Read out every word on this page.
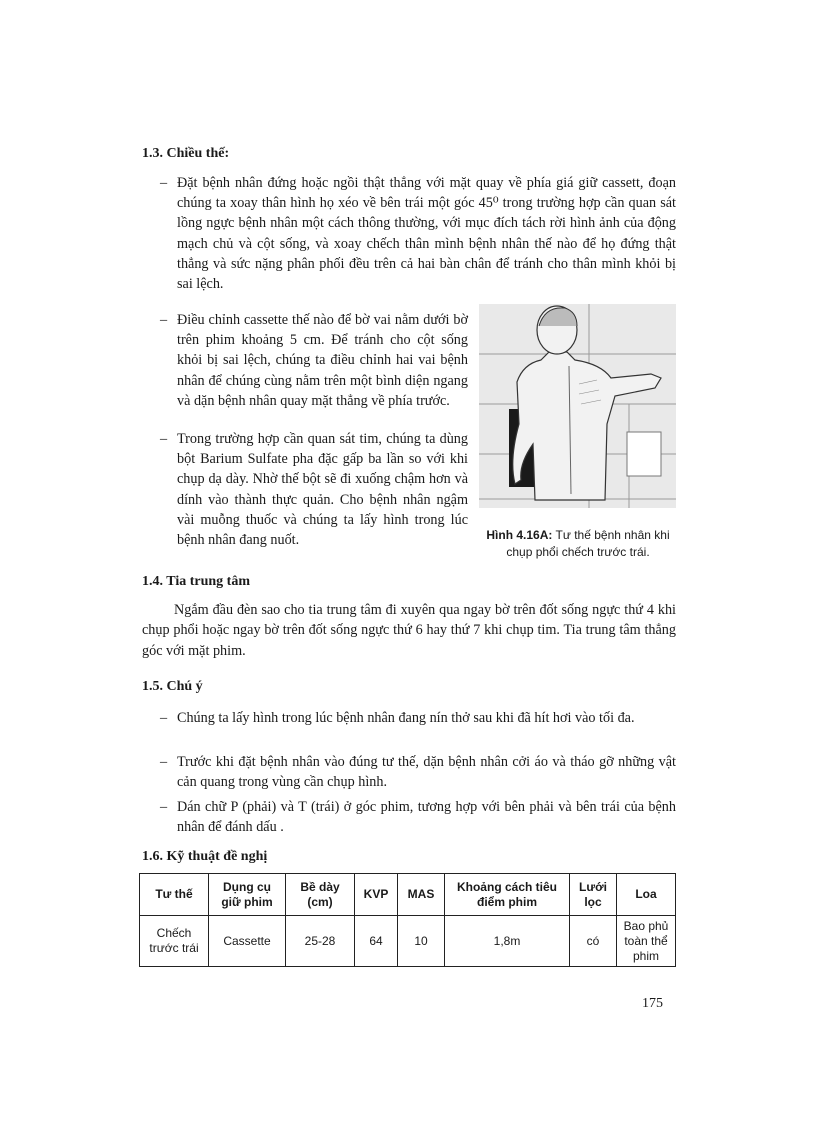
1.3. Chiều thế:
– Đặt bệnh nhân đứng hoặc ngồi thật thẳng với mặt quay về phía giá giữ cassett, đoạn chúng ta xoay thân hình họ xéo về bên trái một góc 45⁰ trong trường hợp cần quan sát lồng ngực bệnh nhân một cách thông thường, với mục đích tách rời hình ảnh của động mạch chủ và cột sống, và xoay chếch thân mình bệnh nhân thế nào để họ đứng thật thẳng và sức nặng phân phối đều trên cả hai bàn chân để tránh cho thân mình khỏi bị sai lệch.
– Điều chỉnh cassette thế nào để bờ vai nằm dưới bờ trên phim khoảng 5 cm. Để tránh cho cột sống khỏi bị sai lệch, chúng ta điều chỉnh hai vai bệnh nhân để chúng cùng nằm trên một bình diện ngang và dặn bệnh nhân quay mặt thẳng về phía trước.
– Trong trường hợp cần quan sát tim, chúng ta dùng bột Barium Sulfate pha đặc gấp ba lần so với khi chụp dạ dày. Nhờ thế bột sẽ đi xuống chậm hơn và dính vào thành thực quản. Cho bệnh nhân ngậm vài muỗng thuốc và chúng ta lấy hình trong lúc bệnh nhân đang nuốt.	Hình 4.16A: Tư thế bệnh nhân khi chụp phổi chếch trước trái.
1.4. Tia trung tâm
Ngắm đầu đèn sao cho tia trung tâm đi xuyên qua ngay bờ trên đốt sống ngực thứ 4 khi chụp phổi hoặc ngay bờ trên đốt sống ngực thứ 6 hay thứ 7 khi chụp tim. Tia trung tâm thẳng góc với mặt phim.
1.5. Chú ý
– Chúng ta lấy hình trong lúc bệnh nhân đang nín thở sau khi đã hít hơi vào tối đa.
– Trước khi đặt bệnh nhân vào đúng tư thế, dặn bệnh nhân cởi áo và tháo gỡ những vật cản quang trong vùng cần chụp hình.
– Dán chữ P (phải) và T (trái) ở góc phim, tương hợp với bên phải và bên trái của bệnh nhân để đánh dấu .
1.6. Kỹ thuật đề nghị
Tư thế	Dụng cụ giữ phim	Bề dày (cm)	KVP	MAS	Khoảng cách tiêu điểm phim	Lưới lọc	Loa
Chếch trước trái	Cassette	25-28	64	10	1,8m	có	Bao phủ toàn thể phim
175
